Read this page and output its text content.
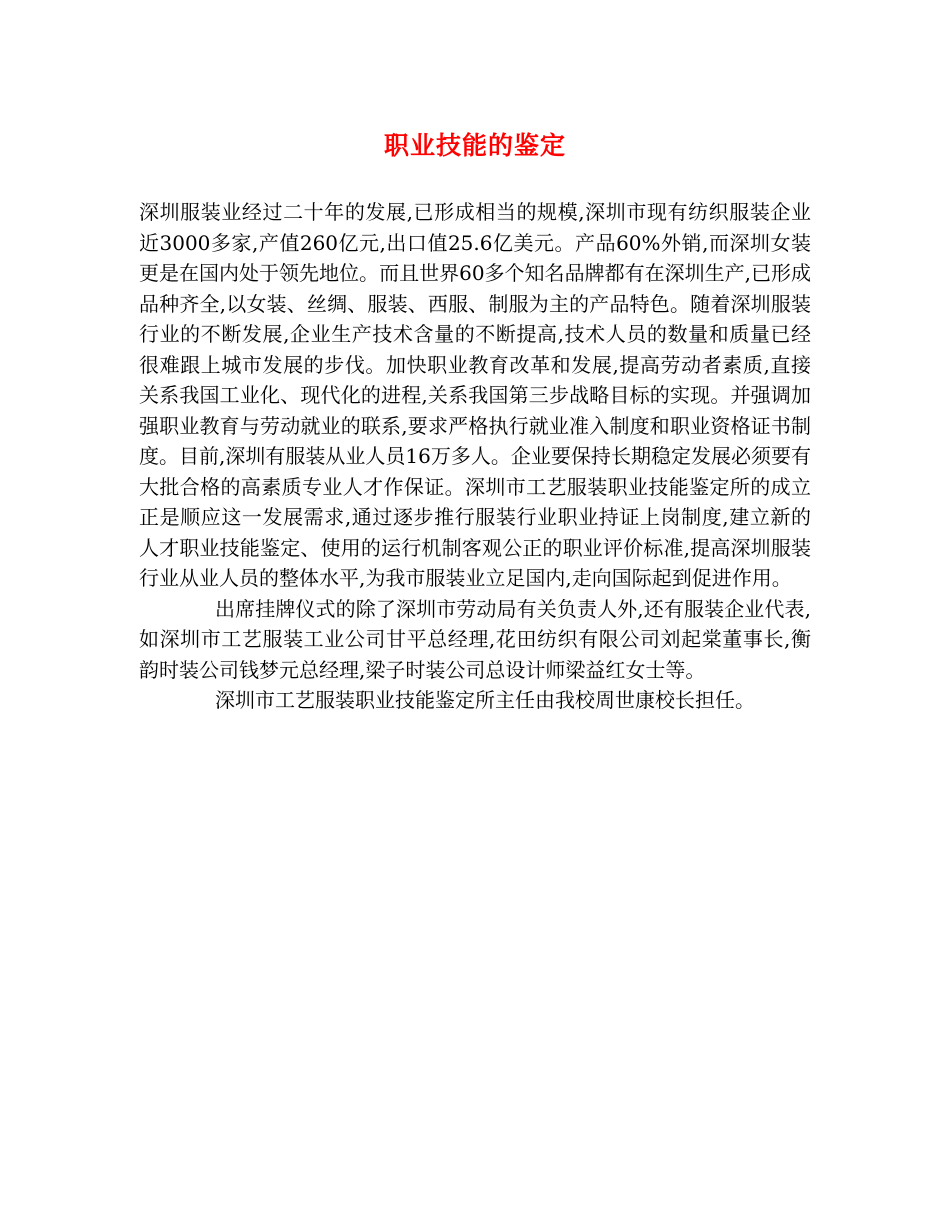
职业技能的鉴定

深圳服装业经过二十年的发展,已形成相当的规模,深圳市现有纺织服装企业近3000多家,产值260亿元,出口值25.6亿美元。产品60%外销,而深圳女装更是在国内处于领先地位。而且世界60多个知名品牌都有在深圳生产,已形成品种齐全,以女装、丝绸、服装、西服、制服为主的产品特色。随着深圳服装行业的不断发展,企业生产技术含量的不断提高,技术人员的数量和质量已经很难跟上城市发展的步伐。加快职业教育改革和发展,提高劳动者素质,直接关系我国工业化、现代化的进程,关系我国第三步战略目标的实现。并强调加强职业教育与劳动就业的联系,要求严格执行就业准入制度和职业资格证书制度。目前,深圳有服装从业人员16万多人。企业要保持长期稳定发展必须要有大批合格的高素质专业人才作保证。深圳市工艺服装职业技能鉴定所的成立正是顺应这一发展需求,通过逐步推行服装行业职业持证上岗制度,建立新的人才职业技能鉴定、使用的运行机制客观公正的职业评价标准,提高深圳服装行业从业人员的整体水平,为我市服装业立足国内,走向国际起到促进作用。

出席挂牌仪式的除了深圳市劳动局有关负责人外,还有服装企业代表,如深圳市工艺服装工业公司甘平总经理,花田纺织有限公司刘起棠董事长,衡韵时装公司钱梦元总经理,梁子时装公司总设计师梁益红女士等。

深圳市工艺服装职业技能鉴定所主任由我校周世康校长担任。
